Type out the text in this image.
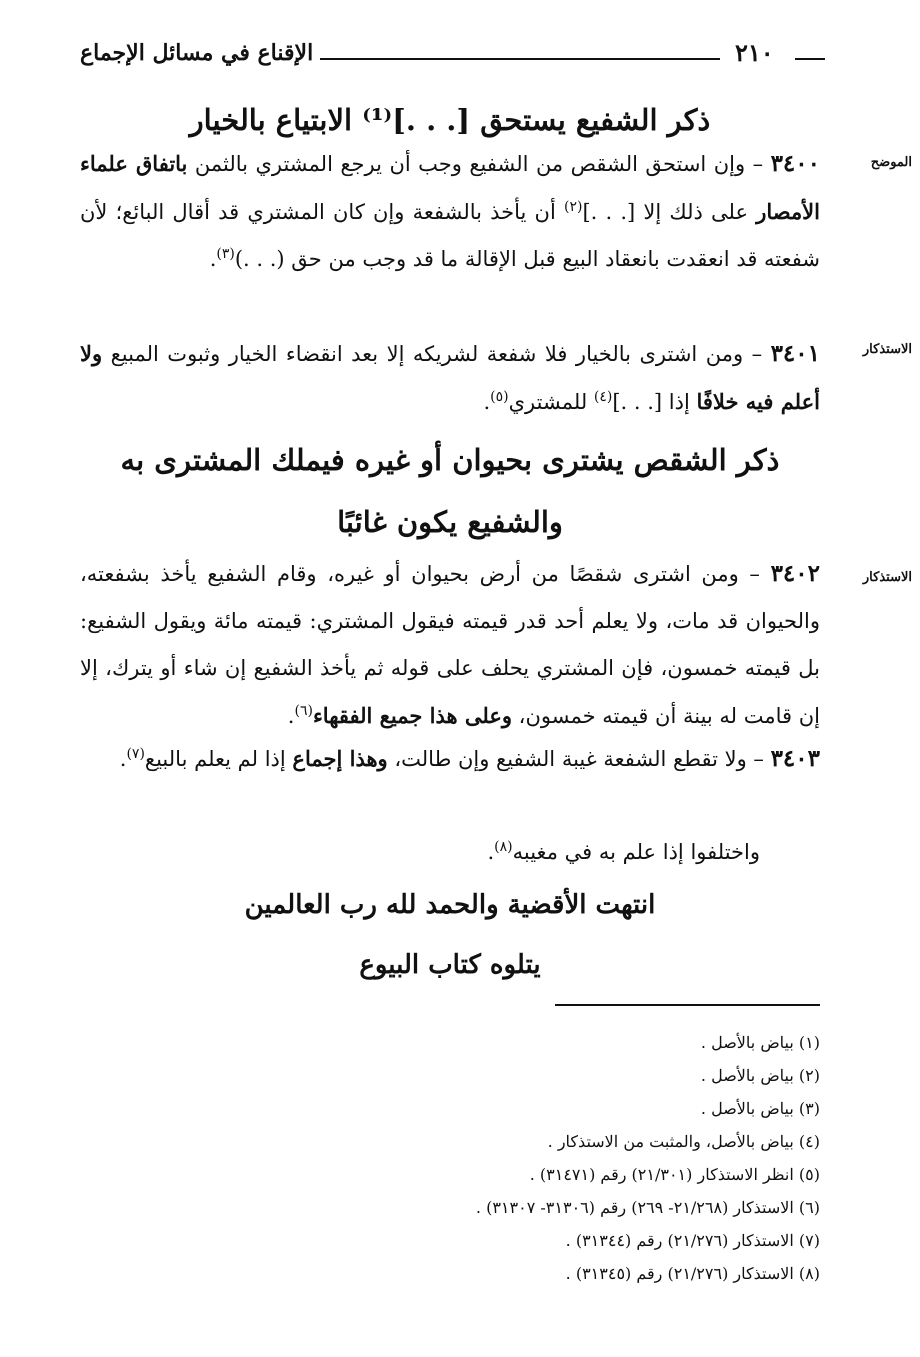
الإقناع في مسائل الإجماع	٢١٠
ذكر الشفيع يستحق [. . .]⁽¹⁾ الابتياع بالخيار
الموضح

٣٤٠٠ – وإن استحق الشقص من الشفيع وجب أن يرجع المشتري بالثمن باتفاق علماء الأمصار على ذلك إلا [. . .]$^{(٢)}$ أن يأخذ بالشفعة وإن كان المشتري قد أقال البائع؛ لأن شفعته قد انعقدت بانعقاد البيع قبل الإقالة ما قد وجب من حق (. . .)$^{(٣)}$.

الاستذكار

٣٤٠١ – ومن اشترى بالخيار فلا شفعة لشريكه إلا بعد انقضاء الخيار وثبوت المبيع ولا أعلم فيه خلافًا إذا [. . .]$^{(٤)}$ للمشتري$^{(٥)}$.

ذكر الشقص يشترى بحيوان أو غيره فيملك المشترى به
والشفيع يكون غائبًا
الاستذكار

٣٤٠٢ – ومن اشترى شقصًا من أرض بحيوان أو غيره، وقام الشفيع يأخذ بشفعته، والحيوان قد مات، ولا يعلم أحد قدر قيمته فيقول المشتري: قيمته مائة ويقول الشفيع: بل قيمته خمسون، فإن المشتري يحلف على قوله ثم يأخذ الشفيع إن شاء أو يترك، إلا إن قامت له بينة أن قيمته خمسون، وعلى هذا جميع الفقهاء$^{(٦)}$.

٣٤٠٣ – ولا تقطع الشفعة غيبة الشفيع وإن طالت، وهذا إجماع إذا لم يعلم بالبيع$^{(٧)}$.

واختلفوا إذا علم به في مغيبه$^{(٨)}$.

انتهت الأقضية والحمد لله رب العالمين
يتلوه كتاب البيوع
(١) بياض بالأصل .
(٢) بياض بالأصل .
(٣) بياض بالأصل .
(٤) بياض بالأصل، والمثبت من الاستذكار .
(٥) انظر الاستذكار (٢١/٣٠١) رقم (٣١٤٧١) .
(٦) الاستذكار (٢١/٢٦٨- ٢٦٩) رقم (٣١٣٠٦- ٣١٣٠٧) .
(٧) الاستذكار (٢١/٢٧٦) رقم (٣١٣٤٤) .
(٨) الاستذكار (٢١/٢٧٦) رقم (٣١٣٤٥) .
